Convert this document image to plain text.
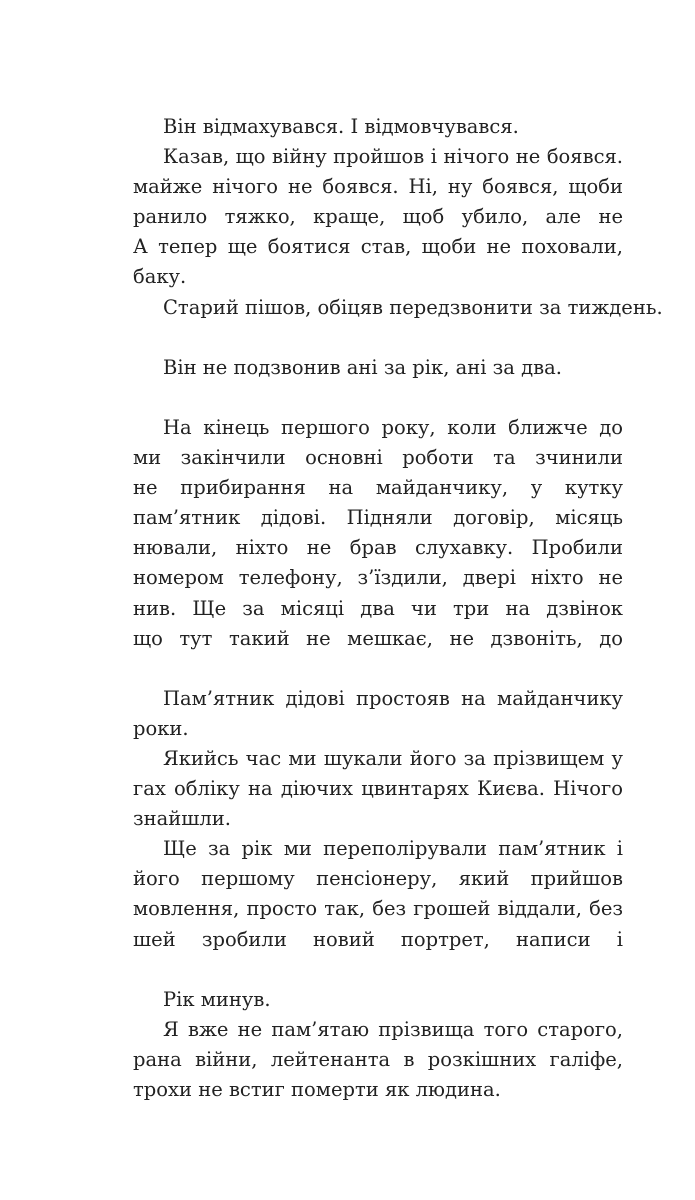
Він відмахувався. І відмовчувався.
Казав, що війну пройшов і нічого не боявся.
майже нічого не боявся. Ні, ну боявся, щоби
ранило тяжко, краще, щоб убило, але не
А тепер ще боятися став, щоби не поховали,
баку.
Старий пішов, обіцяв передзвонити за тиждень.
Він не подзвонив ані за рік, ані за два.
На кінець першого року, коли ближче до
ми закінчили основні роботи та зчинили
не прибирання на майданчику, у кутку
пам’ятник дідові. Підняли договір, місяць
нювали, ніхто не брав слухавку. Пробили
номером телефону, з’їздили, двері ніхто не
нив. Ще за місяці два чи три на дзвінок
що тут такий не мешкає, не дзвоніть, до
Пам’ятник дідові простояв на майданчику
роки.
Якийсь час ми шукали його за прізвищем у
гах обліку на діючих цвинтарях Києва. Нічого
знайшли.
Ще за рік ми переполірували пам’ятник і
його першому пенсіонеру, який прийшов
мовлення, просто так, без грошей віддали, без
шей зробили новий портрет, написи і
Рік минув.
Я вже не пам’ятаю прізвища того старого,
рана війни, лейтенанта в розкішних галіфе,
трохи не встиг померти як людина.
